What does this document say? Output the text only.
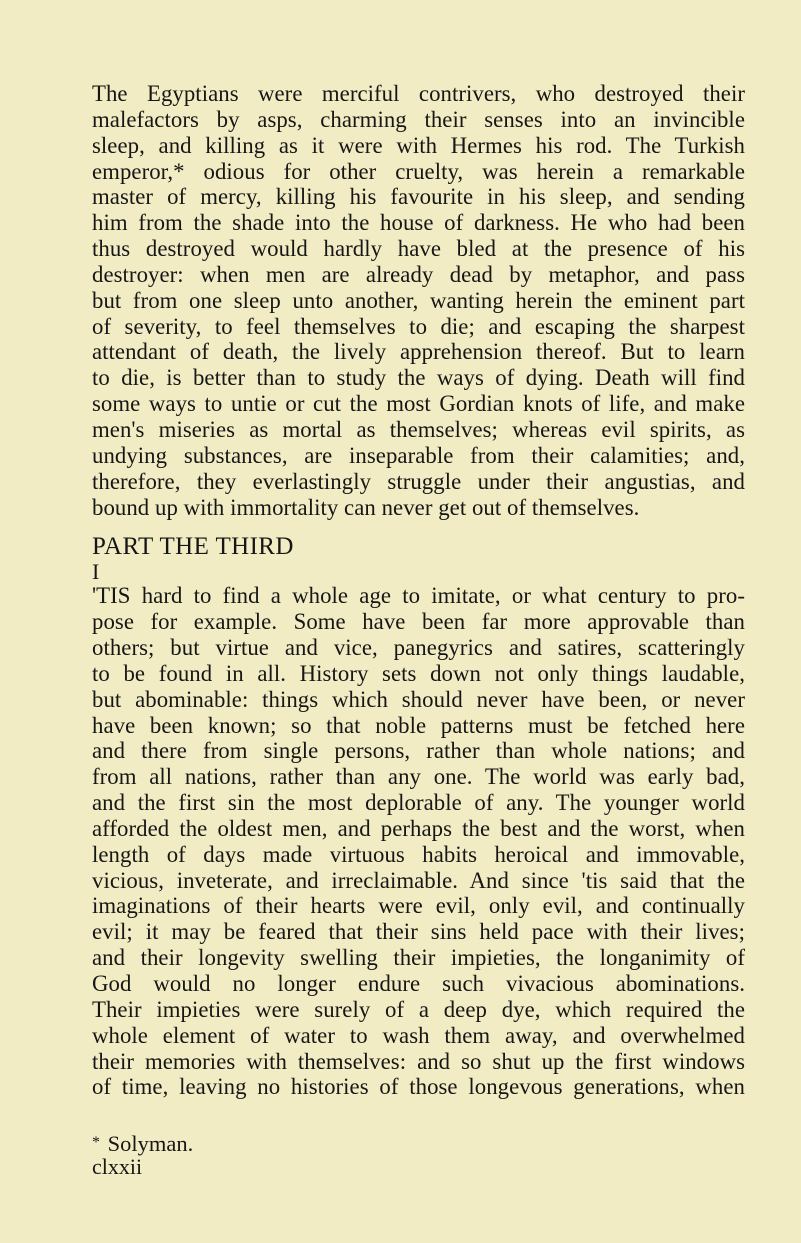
The Egyptians were merciful contrivers, who destroyed their
malefactors by asps, charming their senses into an invincible
sleep, and killing as it were with Hermes his rod. The Turkish
emperor,* odious for other cruelty, was herein a remarkable
master of mercy, killing his favourite in his sleep, and sending
him from the shade into the house of darkness. He who had been
thus destroyed would hardly have bled at the presence of his
destroyer: when men are already dead by metaphor, and pass
but from one sleep unto another, wanting herein the eminent part
of severity, to feel themselves to die; and escaping the sharpest
attendant of death, the lively apprehension thereof. But to learn
to die, is better than to study the ways of dying. Death will find
some ways to untie or cut the most Gordian knots of life, and make
men's miseries as mortal as themselves; whereas evil spirits, as
undying substances, are inseparable from their calamities; and,
therefore, they everlastingly struggle under their angustias, and
bound up with immortality can never get out of themselves.
PART THE THIRD
I
'TIS hard to find a whole age to imitate, or what century to pro-
pose for example. Some have been far more approvable than
others; but virtue and vice, panegyrics and satires, scatteringly
to be found in all. History sets down not only things laudable,
but abominable: things which should never have been, or never
have been known; so that noble patterns must be fetched here
and there from single persons, rather than whole nations; and
from all nations, rather than any one. The world was early bad,
and the first sin the most deplorable of any. The younger world
afforded the oldest men, and perhaps the best and the worst, when
length of days made virtuous habits heroical and immovable,
vicious, inveterate, and irreclaimable. And since 'tis said that the
imaginations of their hearts were evil, only evil, and continually
evil; it may be feared that their sins held pace with their lives;
and their longevity swelling their impieties, the longanimity of
God would no longer endure such vivacious abominations.
Their impieties were surely of a deep dye, which required the
whole element of water to wash them away, and overwhelmed
their memories with themselves: and so shut up the first windows
of time, leaving no histories of those longevous generations, when
* Solyman.
clxxii
